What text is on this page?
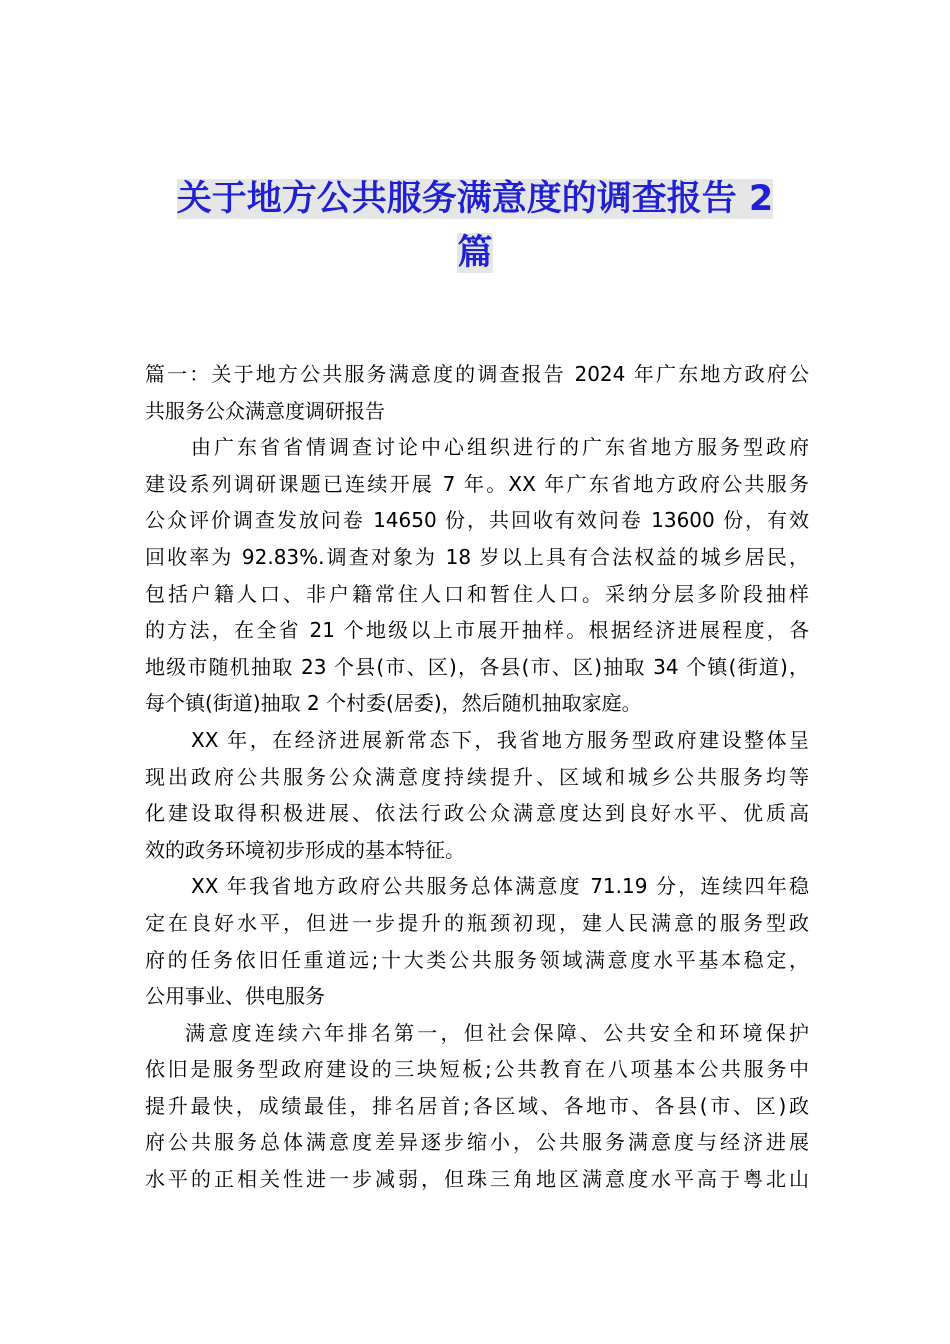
关于地方公共服务满意度的调查报告 2
篇
篇一：关于地方公共服务满意度的调查报告 2024 年广东地方政府公
共服务公众满意度调研报告
由广东省省情调查讨论中心组织进行的广东省地方服务型政府
建设系列调研课题已连续开展 7 年。XX 年广东省地方政府公共服务
公众评价调查发放问卷 14650 份，共回收有效问卷 13600 份，有效
回收率为 92.83%.调查对象为 18 岁以上具有合法权益的城乡居民，
包括户籍人口、非户籍常住人口和暂住人口。采纳分层多阶段抽样
的方法，在全省 21 个地级以上市展开抽样。根据经济进展程度，各
地级市随机抽取 23 个县(市、区)，各县(市、区)抽取 34 个镇(街道)，
每个镇(街道)抽取 2 个村委(居委)，然后随机抽取家庭。
XX 年，在经济进展新常态下，我省地方服务型政府建设整体呈
现出政府公共服务公众满意度持续提升、区域和城乡公共服务均等
化建设取得积极进展、依法行政公众满意度达到良好水平、优质高
效的政务环境初步形成的基本特征。
XX 年我省地方政府公共服务总体满意度 71.19 分，连续四年稳
定在良好水平，但进一步提升的瓶颈初现，建人民满意的服务型政
府的任务依旧任重道远;十大类公共服务领域满意度水平基本稳定，
公用事业、供电服务
满意度连续六年排名第一，但社会保障、公共安全和环境保护
依旧是服务型政府建设的三块短板;公共教育在八项基本公共服务中
提升最快，成绩最佳，排名居首;各区域、各地市、各县(市、区)政
府公共服务总体满意度差异逐步缩小，公共服务满意度与经济进展
水平的正相关性进一步减弱，但珠三角地区满意度水平高于粤北山
